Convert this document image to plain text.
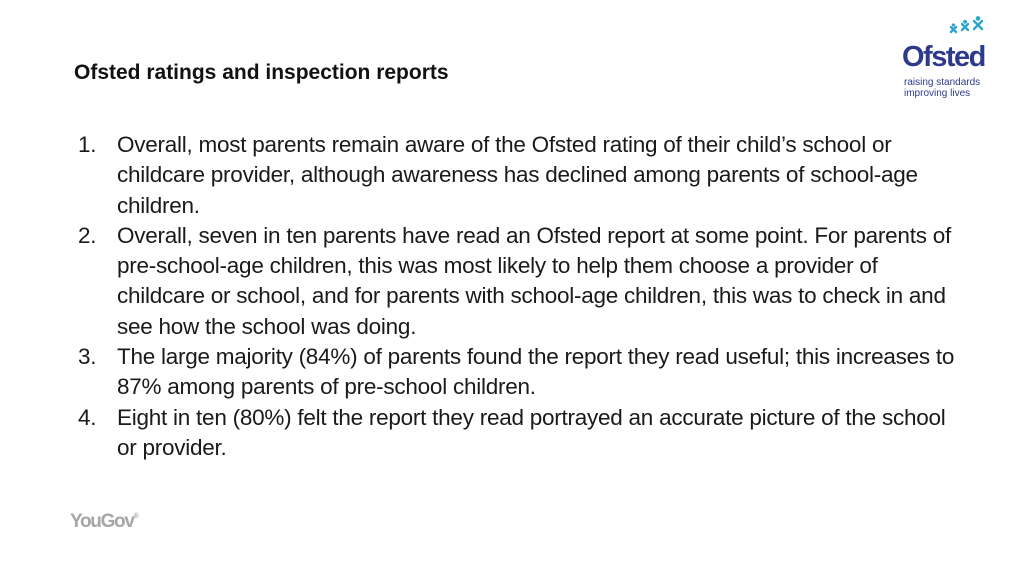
Ofsted ratings and inspection reports	Ofsted
raising standards
improving lives
1. Overall, most parents remain aware of the Ofsted rating of their child’s school or childcare provider, although awareness has declined among parents of school-age children.
2. Overall, seven in ten parents have read an Ofsted report at some point. For parents of pre-school-age children, this was most likely to help them choose a provider of childcare or school, and for parents with school-age children, this was to check in and see how the school was doing.
3. The large majority (84%) of parents found the report they read useful; this increases to 87% among parents of pre-school children.
4. Eight in ten (80%) felt the report they read portrayed an accurate picture of the school or provider.
YouGov®
